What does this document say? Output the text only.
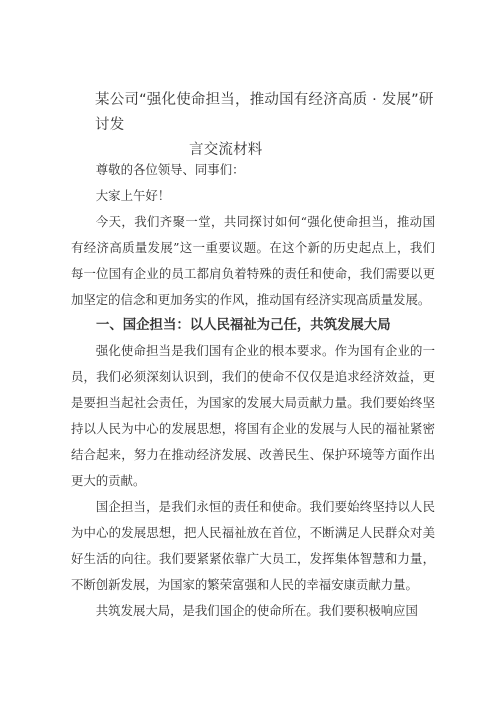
某公司“强化使命担当，推动国有经济高质 · 发展”研讨发
言交流材料

尊敬的各位领导、同事们：

大家上午好！

今天，我们齐聚一堂，共同探讨如何“强化使命担当，推动国有经济高质量发展”这一重要议题。在这个新的历史起点上，我们每一位国有企业的员工都肩负着特殊的责任和使命，我们需要以更加坚定的信念和更加务实的作风，推动国有经济实现高质量发展。

一、国企担当：以人民福祉为己任，共筑发展大局

强化使命担当是我们国有企业的根本要求。作为国有企业的一员，我们必须深刻认识到，我们的使命不仅仅是追求经济效益，更是要担当起社会责任，为国家的发展大局贡献力量。我们要始终坚持以人民为中心的发展思想，将国有企业的发展与人民的福祉紧密结合起来，努力在推动经济发展、改善民生、保护环境等方面作出更大的贡献。

国企担当，是我们永恒的责任和使命。我们要始终坚持以人民为中心的发展思想，把人民福祉放在首位，不断满足人民群众对美好生活的向往。我们要紧紧依靠广大员工，发挥集体智慧和力量，不断创新发展，为国家的繁荣富强和人民的幸福安康贡献力量。

共筑发展大局，是我们国企的使命所在。我们要积极响应国
